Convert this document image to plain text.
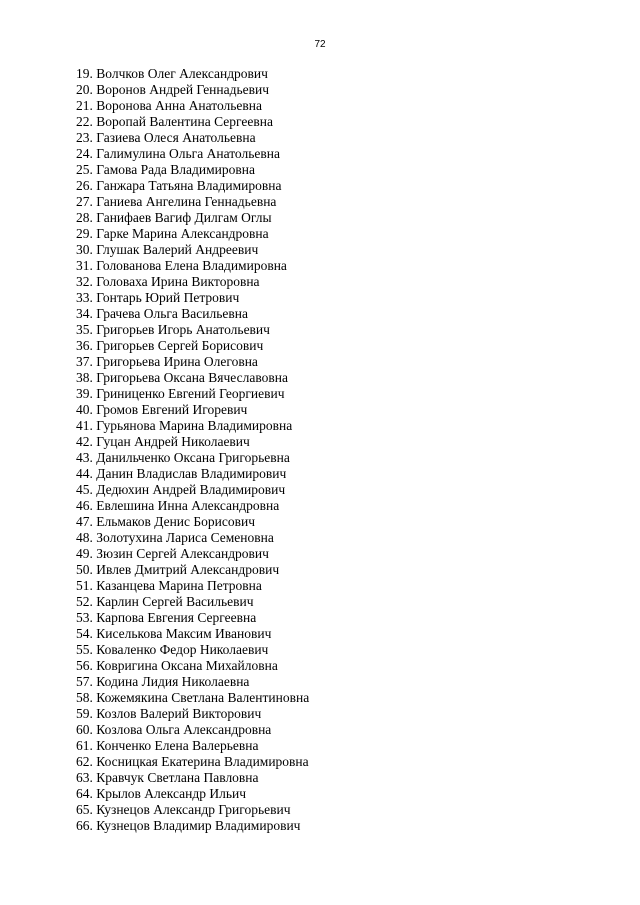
72
19. Волчков Олег Александрович
20. Воронов Андрей Геннадьевич
21. Воронова Анна Анатольевна
22. Воропай Валентина Сергеевна
23. Газиева Олеся Анатольевна
24. Галимулина Ольга Анатольевна
25. Гамова Рада Владимировна
26. Ганжара Татьяна Владимировна
27. Ганиева Ангелина Геннадьевна
28. Ганифаев Вагиф Дилгам Оглы
29. Гарке Марина Александровна
30. Глушак Валерий Андреевич
31. Голованова Елена Владимировна
32. Головаха Ирина Викторовна
33. Гонтарь Юрий Петрович
34. Грачева Ольга Васильевна
35. Григорьев Игорь Анатольевич
36. Григорьев Сергей Борисович
37. Григорьева Ирина Олеговна
38. Григорьева Оксана Вячеславовна
39. Гриниценко Евгений Георгиевич
40. Громов Евгений Игоревич
41. Гурьянова Марина Владимировна
42. Гуцан Андрей Николаевич
43. Данильченко Оксана Григорьевна
44. Данин Владислав Владимирович
45. Дедюхин Андрей Владимирович
46. Евлешина Инна Александровна
47. Ельмаков Денис Борисович
48. Золотухина Лариса Семеновна
49. Зюзин Сергей Александрович
50. Ивлев Дмитрий Александрович
51. Казанцева Марина Петровна
52. Карлин Сергей Васильевич
53. Карпова Евгения Сергеевна
54. Киселькова Максим Иванович
55. Коваленко Федор Николаевич
56. Ковригина Оксана Михайловна
57. Кодина Лидия Николаевна
58. Кожемякина Светлана Валентиновна
59. Козлов Валерий Викторович
60. Козлова Ольга Александровна
61. Конченко Елена Валерьевна
62. Косницкая Екатерина Владимировна
63. Кравчук Светлана Павловна
64. Крылов Александр Ильич
65. Кузнецов Александр Григорьевич
66. Кузнецов Владимир Владимирович
